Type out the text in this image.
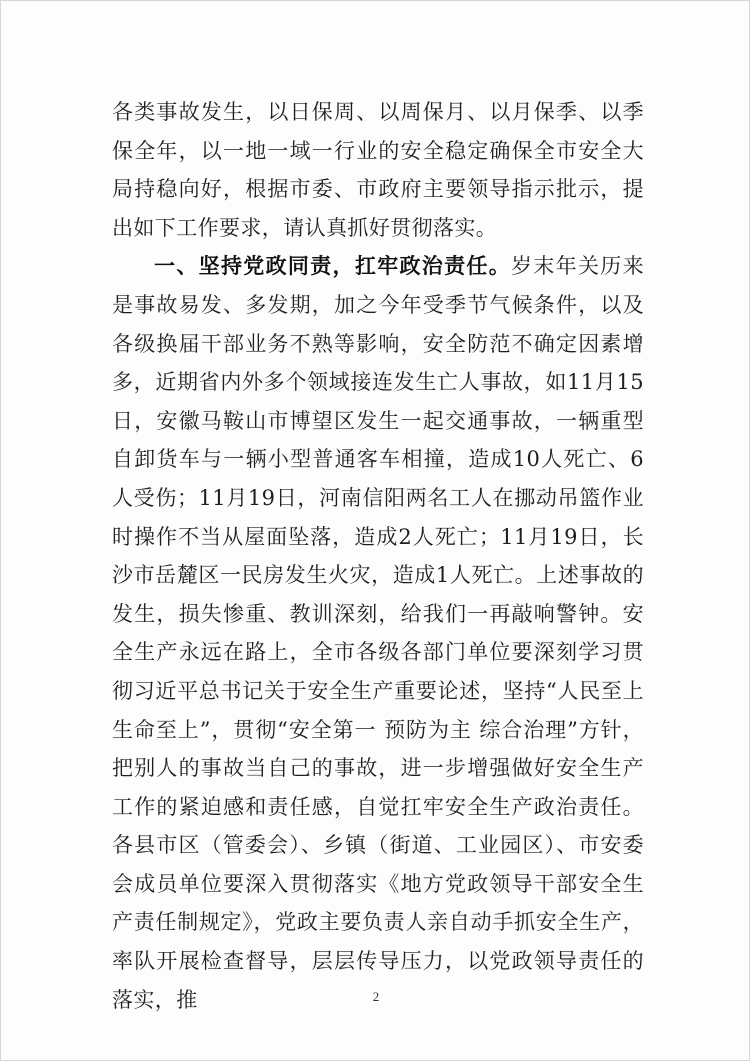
各类事故发生，以日保周、以周保月、以月保季、以季保全年，以一地一域一行业的安全稳定确保全市安全大局持稳向好，根据市委、市政府主要领导指示批示，提出如下工作要求，请认真抓好贯彻落实。

一、坚持党政同责，扛牢政治责任。岁末年关历来是事故易发、多发期，加之今年受季节气候条件，以及各级换届干部业务不熟等影响，安全防范不确定因素增多，近期省内外多个领域接连发生亡人事故，如11月15日，安徽马鞍山市博望区发生一起交通事故，一辆重型自卸货车与一辆小型普通客车相撞，造成10人死亡、6人受伤；11月19日，河南信阳两名工人在挪动吊篮作业时操作不当从屋面坠落，造成2人死亡；11月19日，长沙市岳麓区一民房发生火灾，造成1人死亡。上述事故的发生，损失惨重、教训深刻，给我们一再敲响警钟。安全生产永远在路上，全市各级各部门单位要深刻学习贯彻习近平总书记关于安全生产重要论述，坚持“人民至上 生命至上”，贯彻“安全第一 预防为主 综合治理”方针，把别人的事故当自己的事故，进一步增强做好安全生产工作的紧迫感和责任感，自觉扛牢安全生产政治责任。各县市区（管委会）、乡镇（街道、工业园区）、市安委会成员单位要深入贯彻落实《地方党政领导干部安全生产责任制规定》，党政主要负责人亲自动手抓安全生产，率队开展检查督导，层层传导压力，以党政领导责任的落实，推	2
